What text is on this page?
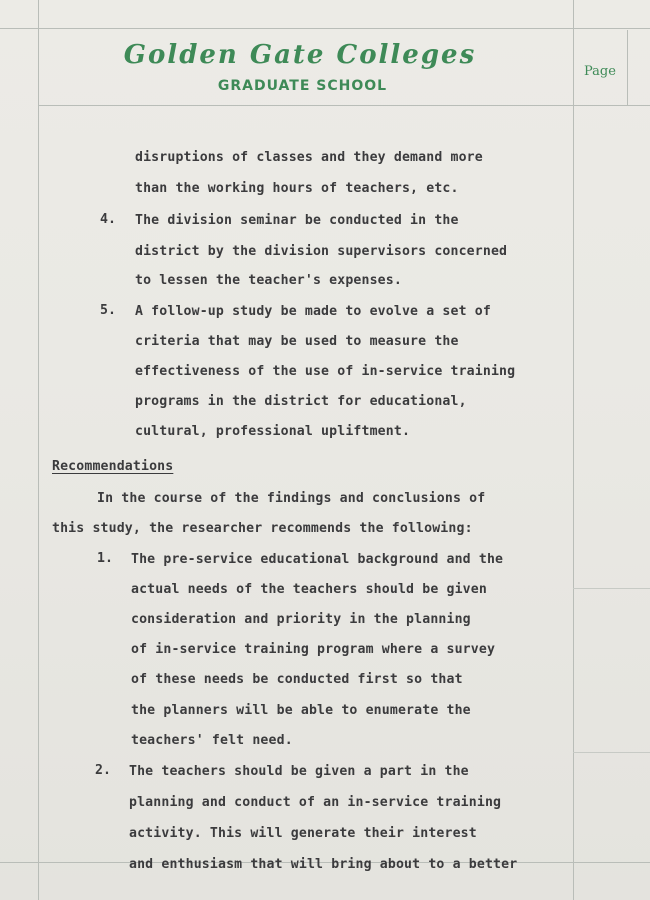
Golden Gate Colleges
GRADUATE SCHOOL
Page
disruptions of classes and they demand more
than the working hours of teachers, etc.
4. The division seminar be conducted in the
district by the division supervisors concerned
to lessen the teacher's expenses.
5. A follow-up study be made to evolve a set of
criteria that may be used to measure the
effectiveness of the use of in-service training
programs in the district for educational,
cultural, professional upliftment.
Recommendations
In the course of the findings and conclusions of
this study, the researcher recommends the following:
1. The pre-service educational background and the
actual needs of the teachers should be given
consideration and priority in the planning
of in-service training program where a survey
of these needs be conducted first so that
the planners will be able to enumerate the
teachers' felt need.
2. The teachers should be given a part in the
planning and conduct of an in-service training
activity. This will generate their interest
and enthusiasm that will bring about to a better
